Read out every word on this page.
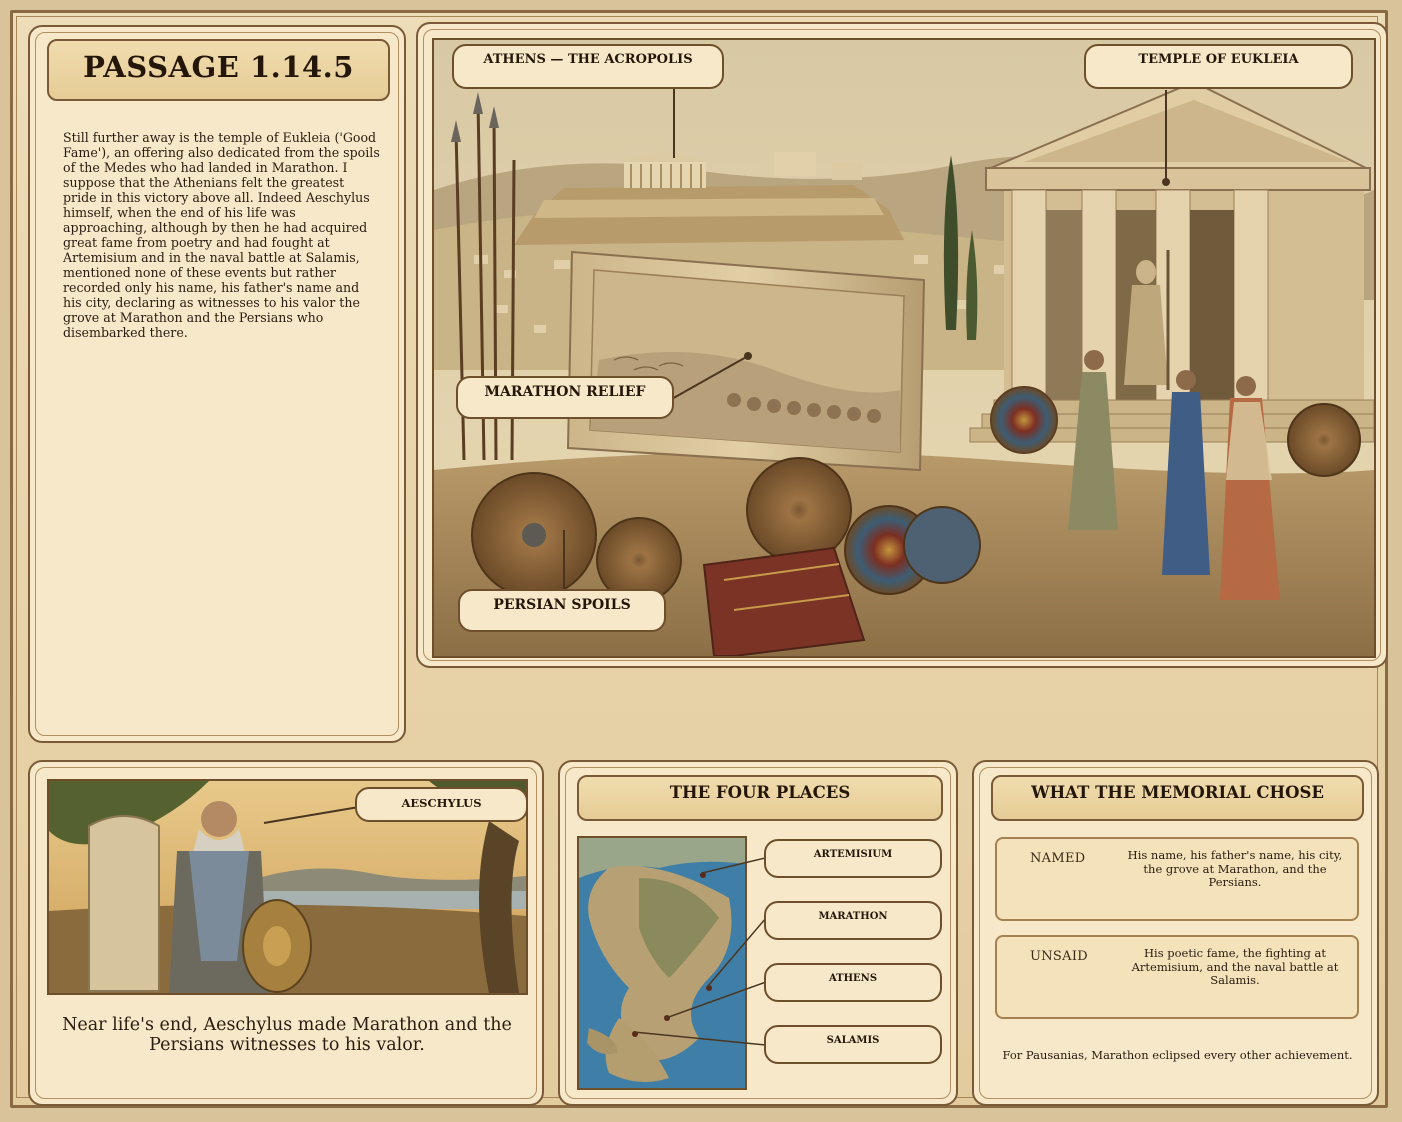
PASSAGE 1.14.5
Still further away is the temple of Eukleia ('Good Fame'), an offering also dedicated from the spoils of the Medes who had landed in Marathon. I suppose that the Athenians felt the greatest pride in this victory above all. Indeed Aeschylus himself, when the end of his life was approaching, although by then he had acquired great fame from poetry and had fought at Artemisium and in the naval battle at Salamis, mentioned none of these events but rather recorded only his name, his father's name and his city, declaring as witnesses to his valor the grove at Marathon and the Persians who disembarked there.
ATHENS — THE ACROPOLIS	TEMPLE OF EUKLEIA
MARATHON RELIEF
PERSIAN SPOILS
AESCHYLUS
Near life's end, Aeschylus made Marathon and the Persians witnesses to his valor.
THE FOUR PLACES
ARTEMISIUM
MARATHON
ATHENS
SALAMIS
WHAT THE MEMORIAL CHOSE
NAMED	His name, his father's name, his city, the grove at Marathon, and the Persians.
UNSAID	His poetic fame, the fighting at Artemisium, and the naval battle at Salamis.
For Pausanias, Marathon eclipsed every other achievement.
